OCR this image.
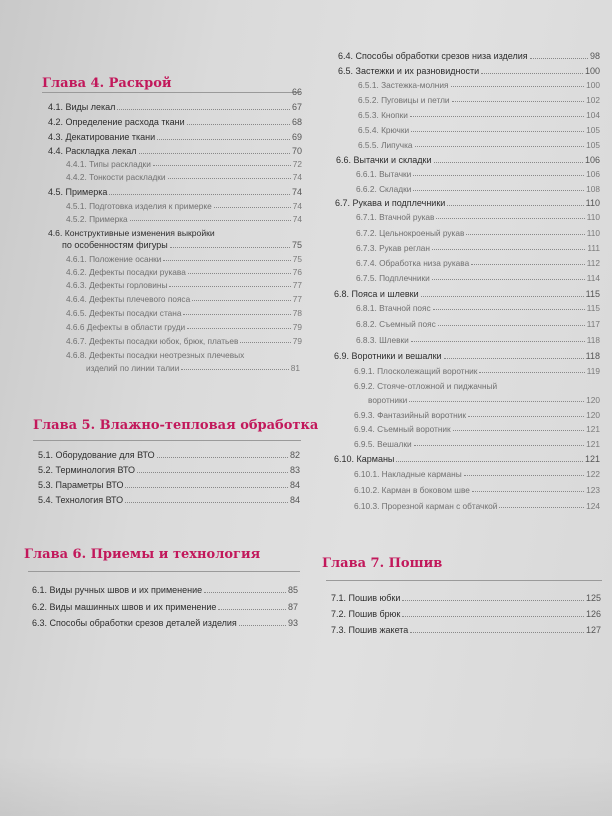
Глава 4. Раскрой
66
4.1. Виды лекал	67
4.2. Определение расхода ткани	68
4.3. Декатирование ткани	69
4.4. Раскладка лекал	70
4.4.1. Типы раскладки	72
4.4.2. Тонкости раскладки	74
4.5. Примерка	74
4.5.1. Подготовка изделия к примерке	74
4.5.2. Примерка	74
4.6. Конструктивные изменения выкройки
по особенностям фигуры	75
4.6.1. Положение осанки	75
4.6.2. Дефекты посадки рукава	76
4.6.3. Дефекты горловины	77
4.6.4. Дефекты плечевого пояса	77
4.6.5. Дефекты посадки стана	78
4.6.6 Дефекты в области груди	79
4.6.7. Дефекты посадки юбок, брюк, платьев	79
4.6.8. Дефекты посадки неотрезных плечевых
изделий по линии талии	81
Глава 5. Влажно-тепловая обработка
5.1. Оборудование для ВТО	82
5.2. Терминология ВТО	83
5.3. Параметры ВТО	84
5.4. Технология ВТО	84
Глава 6. Приемы и технология
6.1. Виды ручных швов и их применение	85
6.2. Виды машинных швов и их применение	87
6.3. Способы обработки срезов деталей изделия	93
6.4. Способы обработки срезов низа изделия	98
6.5. Застежки и их разновидности	100
6.5.1. Застежка-молния	100
6.5.2. Пуговицы и петли	102
6.5.3. Кнопки	104
6.5.4. Крючки	105
6.5.5. Липучка	105
6.6. Вытачки и складки	106
6.6.1. Вытачки	106
6.6.2. Складки	108
6.7. Рукава и подплечники	110
6.7.1. Втачной рукав	110
6.7.2. Цельнокроеный рукав	110
6.7.3. Рукав реглан	111
6.7.4. Обработка низа рукава	112
6.7.5. Подплечники	114
6.8. Пояса и шлевки	115
6.8.1. Втачной пояс	115
6.8.2. Съемный пояс	117
6.8.3. Шлевки	118
6.9. Воротники и вешалки	118
6.9.1. Плосколежащий воротник	119
6.9.2. Стояче-отложной и пиджачный
воротники	120
6.9.3. Фантазийный воротник	120
6.9.4. Съемный воротник	121
6.9.5. Вешалки	121
6.10. Карманы	121
6.10.1. Накладные карманы	122
6.10.2. Карман в боковом шве	123
6.10.3. Прорезной карман с обтачкой	124
Глава 7. Пошив
7.1. Пошив юбки	125
7.2. Пошив брюк	126
7.3. Пошив жакета	127
